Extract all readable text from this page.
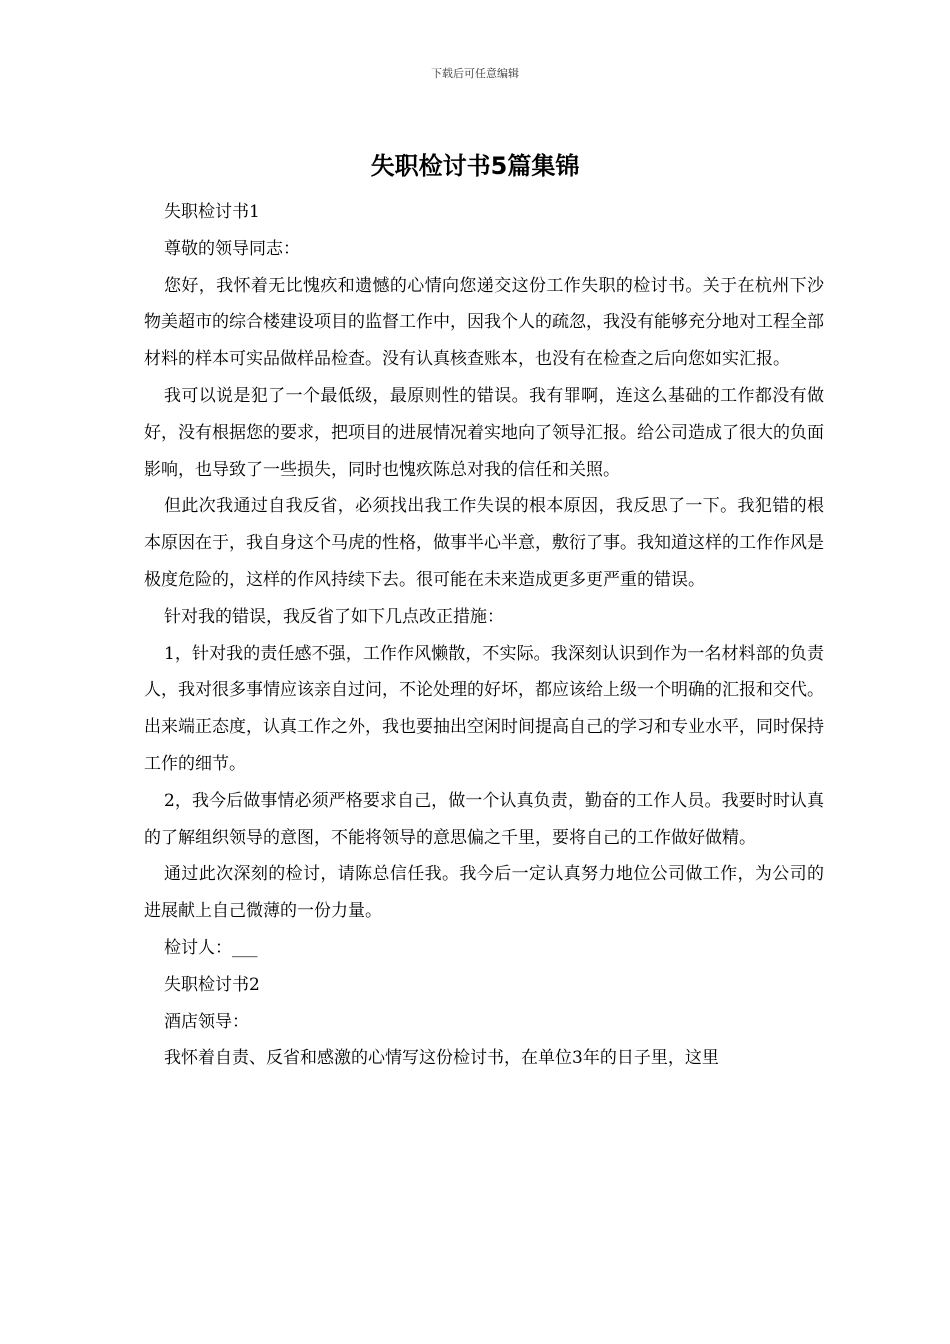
下载后可任意编辑
失职检讨书5篇集锦

失职检讨书1

尊敬的领导同志：

您好，我怀着无比愧疚和遗憾的心情向您递交这份工作失职的检讨书。关于在杭州下沙物美超市的综合楼建设项目的监督工作中，因我个人的疏忽，我没有能够充分地对工程全部材料的样本可实品做样品检查。没有认真核查账本，也没有在检查之后向您如实汇报。

我可以说是犯了一个最低级，最原则性的错误。我有罪啊，连这么基础的工作都没有做好，没有根据您的要求，把项目的进展情况着实地向了领导汇报。给公司造成了很大的负面影响，也导致了一些损失，同时也愧疚陈总对我的信任和关照。

但此次我通过自我反省，必须找出我工作失误的根本原因，我反思了一下。我犯错的根本原因在于，我自身这个马虎的性格，做事半心半意，敷衍了事。我知道这样的工作作风是极度危险的，这样的作风持续下去。很可能在未来造成更多更严重的错误。

针对我的错误，我反省了如下几点改正措施：

1，针对我的责任感不强，工作作风懒散，不实际。我深刻认识到作为一名材料部的负责人，我对很多事情应该亲自过问，不论处理的好坏，都应该给上级一个明确的汇报和交代。出来端正态度，认真工作之外，我也要抽出空闲时间提高自己的学习和专业水平，同时保持工作的细节。

2，我今后做事情必须严格要求自己，做一个认真负责，勤奋的工作人员。我要时时认真的了解组织领导的意图，不能将领导的意思偏之千里，要将自己的工作做好做精。

通过此次深刻的检讨，请陈总信任我。我今后一定认真努力地位公司做工作，为公司的进展献上自己微薄的一份力量。

检讨人：___

失职检讨书2

酒店领导：

我怀着自责、反省和感激的心情写这份检讨书，在单位3年的日子里，这里
